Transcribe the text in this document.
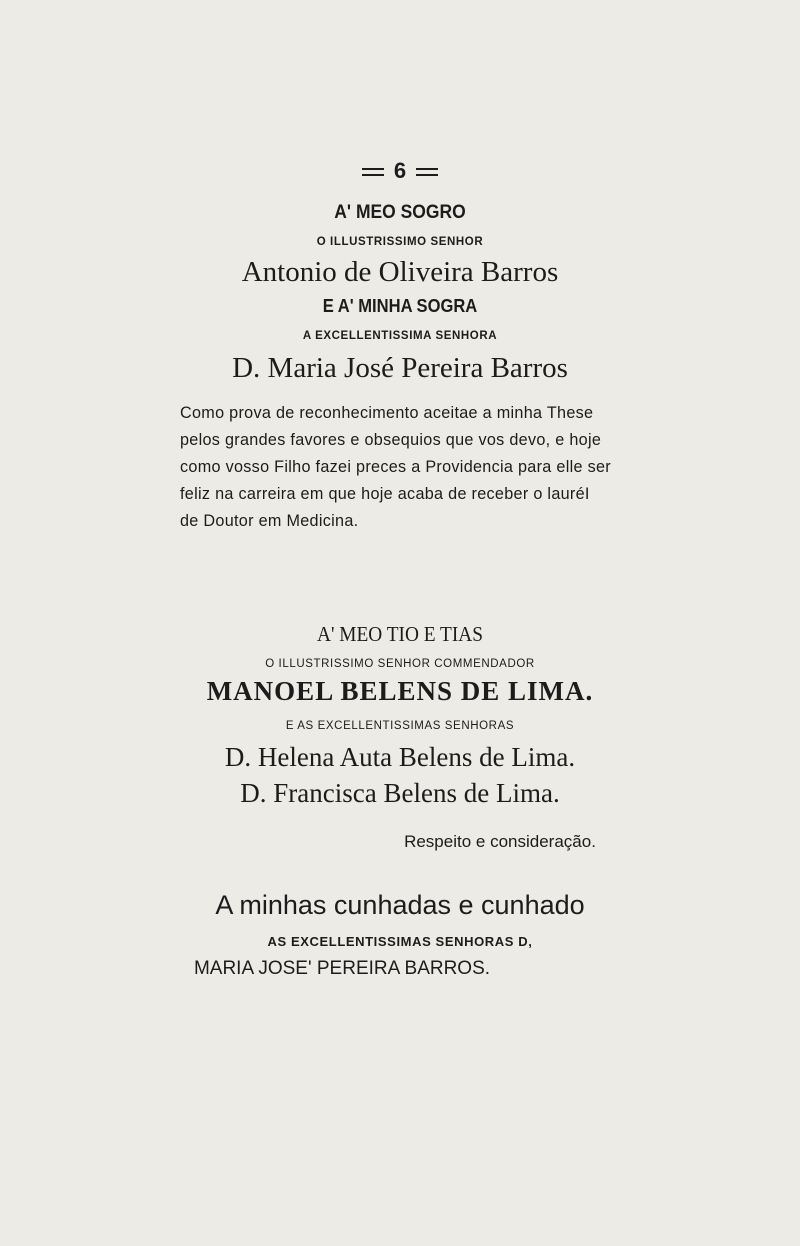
6
A' MEO SOGRO
O ILLUSTRISSIMO SENHOR
Antonio de Oliveira Barros
E A' MINHA SOGRA
A EXCELLENTISSIMA SENHORA
D. Maria José Pereira Barros
Como prova de reconhecimento aceitae a minha These
pelos grandes favores e obsequios que vos devo, e hoje
como vosso Filho fazei preces a Providencia para elle ser
feliz na carreira em que hoje acaba de receber o lauréI
de Doutor em Medicina.
A' MEO TIO E TIAS
O ILLUSTRISSIMO SENHOR COMMENDADOR
MANOEL BELENS DE LIMA.
E AS EXCELLENTISSIMAS SENHORAS
D. Helena Auta Belens de Lima.
D. Francisca Belens de Lima.
Respeito e consideração.
A minhas cunhadas e cunhado
AS EXCELLENTISSIMAS SENHORAS D,
MARIA JOSE' PEREIRA BARROS.
